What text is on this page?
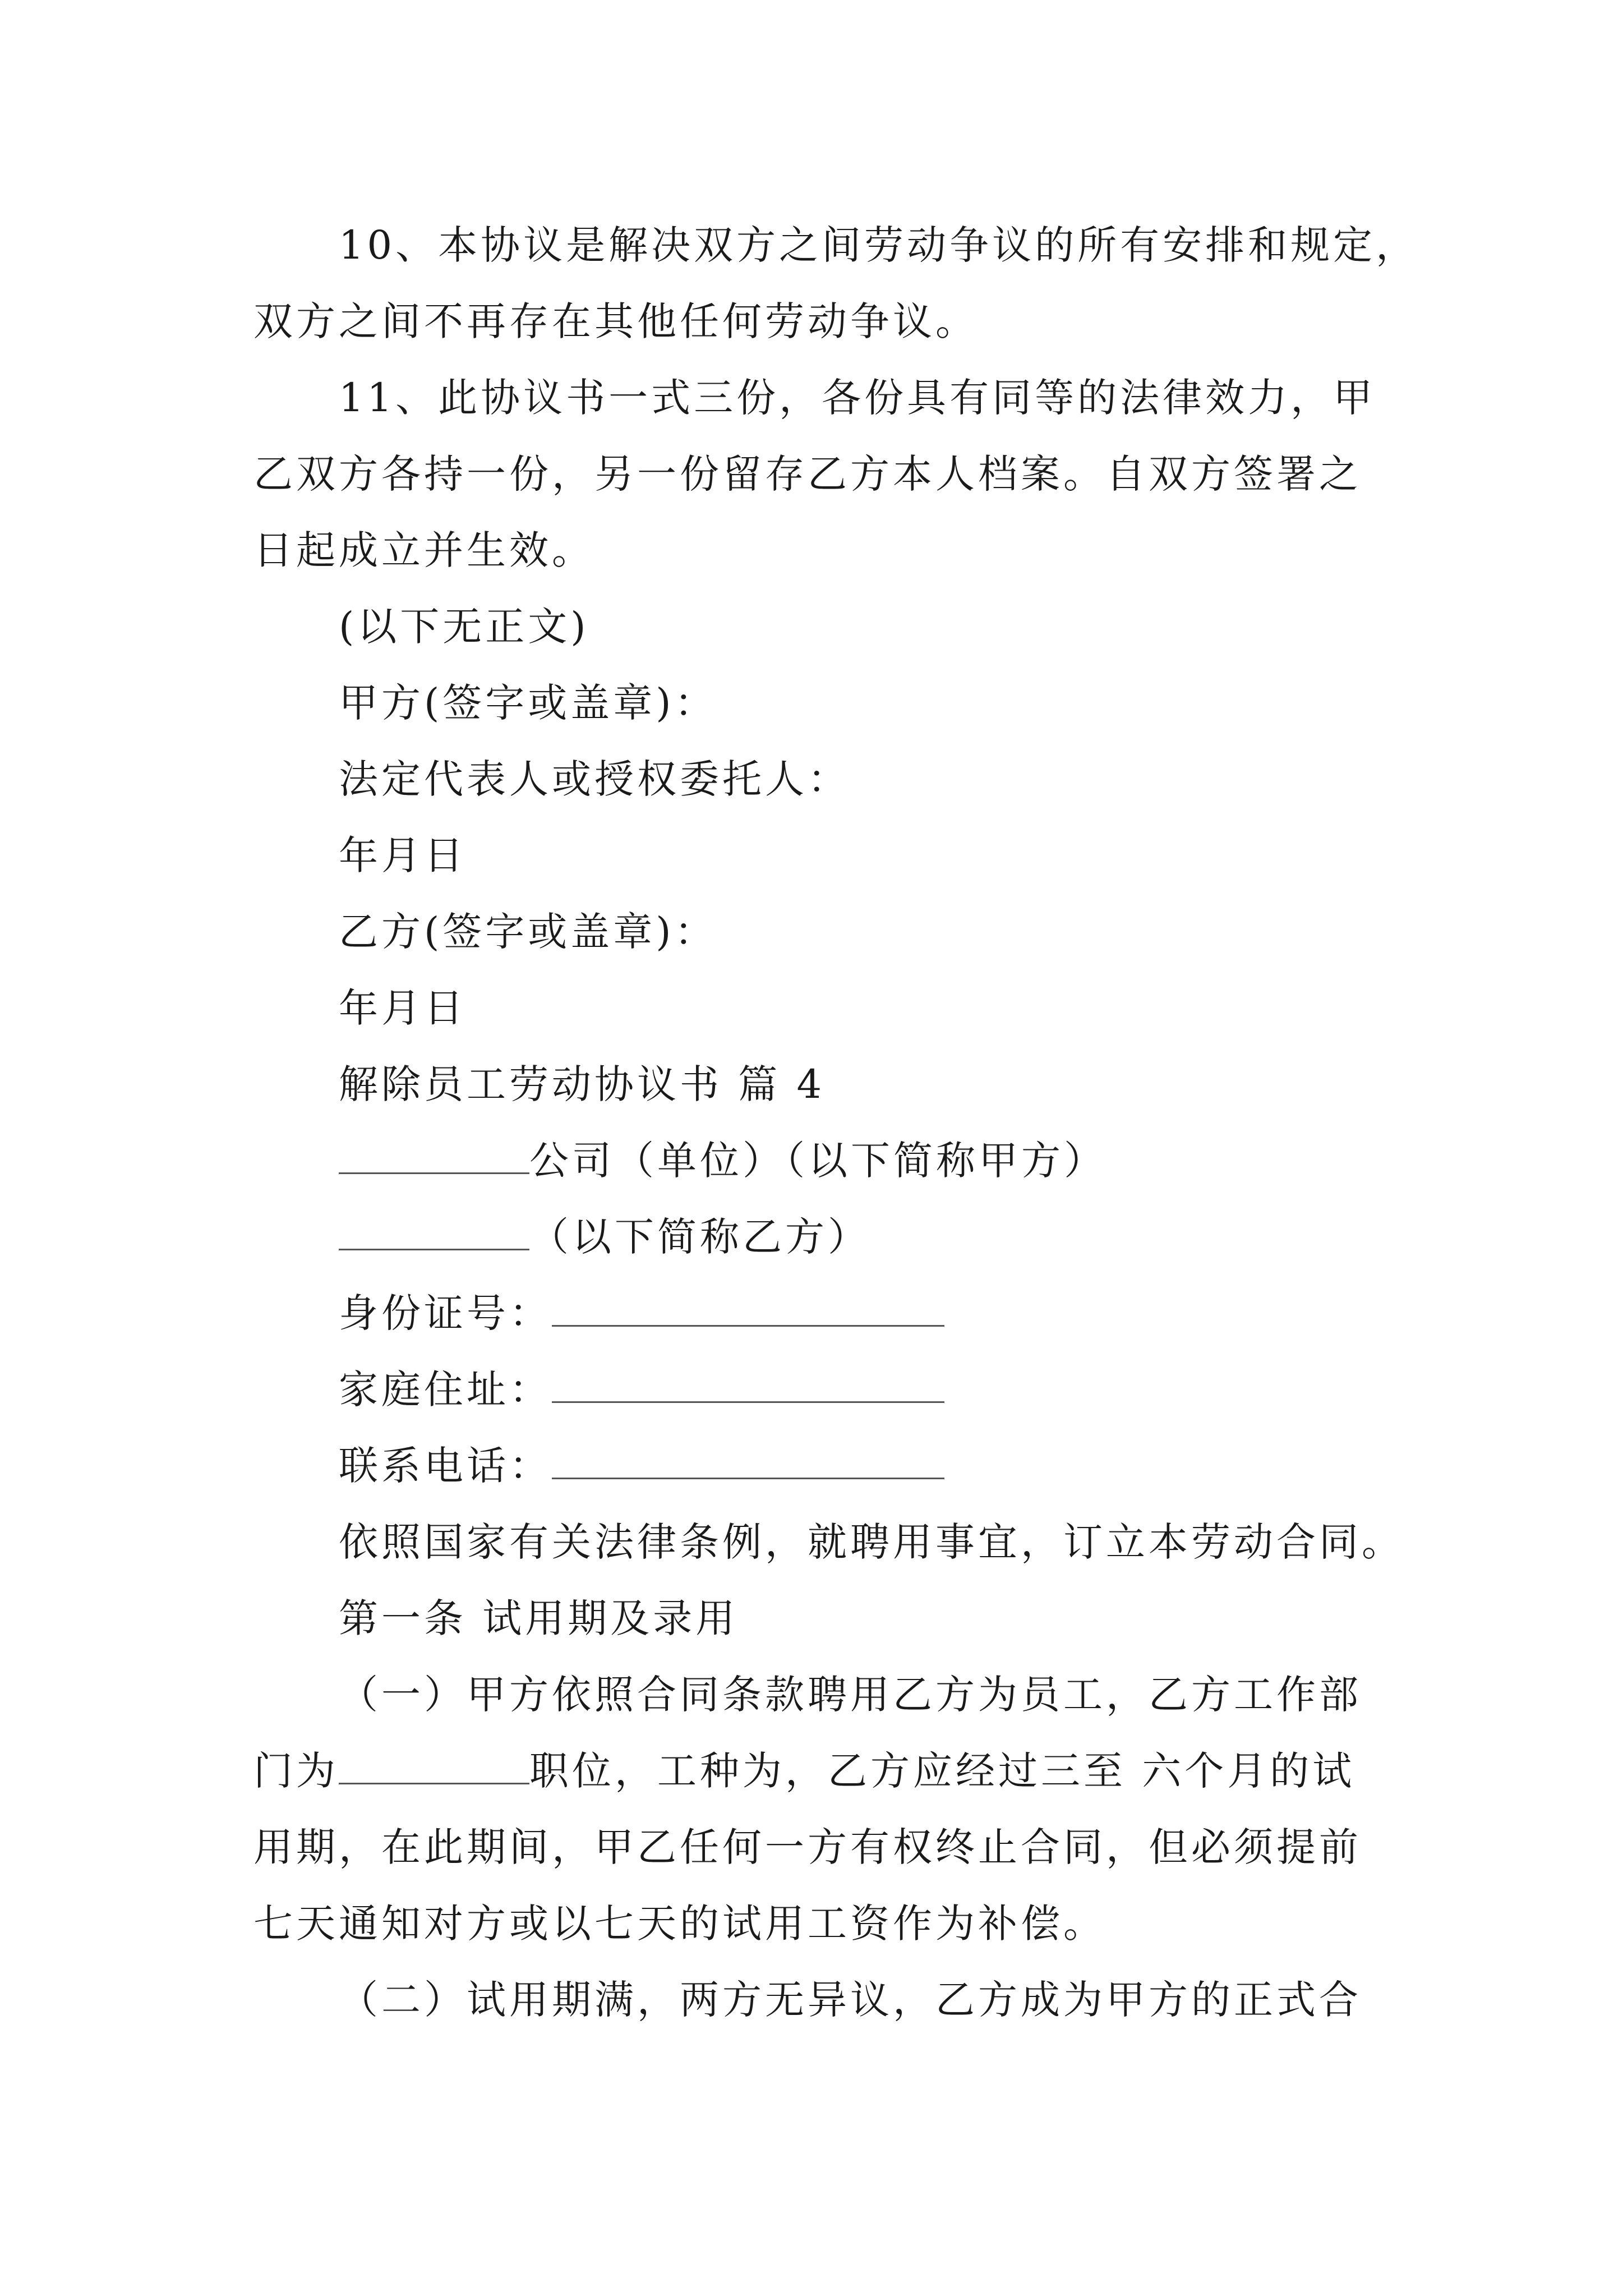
10、本协议是解决双方之间劳动争议的所有安排和规定，
双方之间不再存在其他任何劳动争议。
11、此协议书一式三份，各份具有同等的法律效力，甲
乙双方各持一份，另一份留存乙方本人档案。自双方签署之
日起成立并生效。
(以下无正文)
甲方(签字或盖章)：
法定代表人或授权委托人：
年月日
乙方(签字或盖章)：
年月日
解除员工劳动协议书 篇 4
公司（单位）（以下简称甲方）
（以下简称乙方）
身份证号：
家庭住址：
联系电话：
依照国家有关法律条例，就聘用事宜，订立本劳动合同。
第一条 试用期及录用
（一）甲方依照合同条款聘用乙方为员工，乙方工作部
门为	职位，工种为，乙方应经过三至 六个月的试
用期，在此期间，甲乙任何一方有权终止合同，但必须提前
七天通知对方或以七天的试用工资作为补偿。
（二）试用期满，两方无异议，乙方成为甲方的正式合
